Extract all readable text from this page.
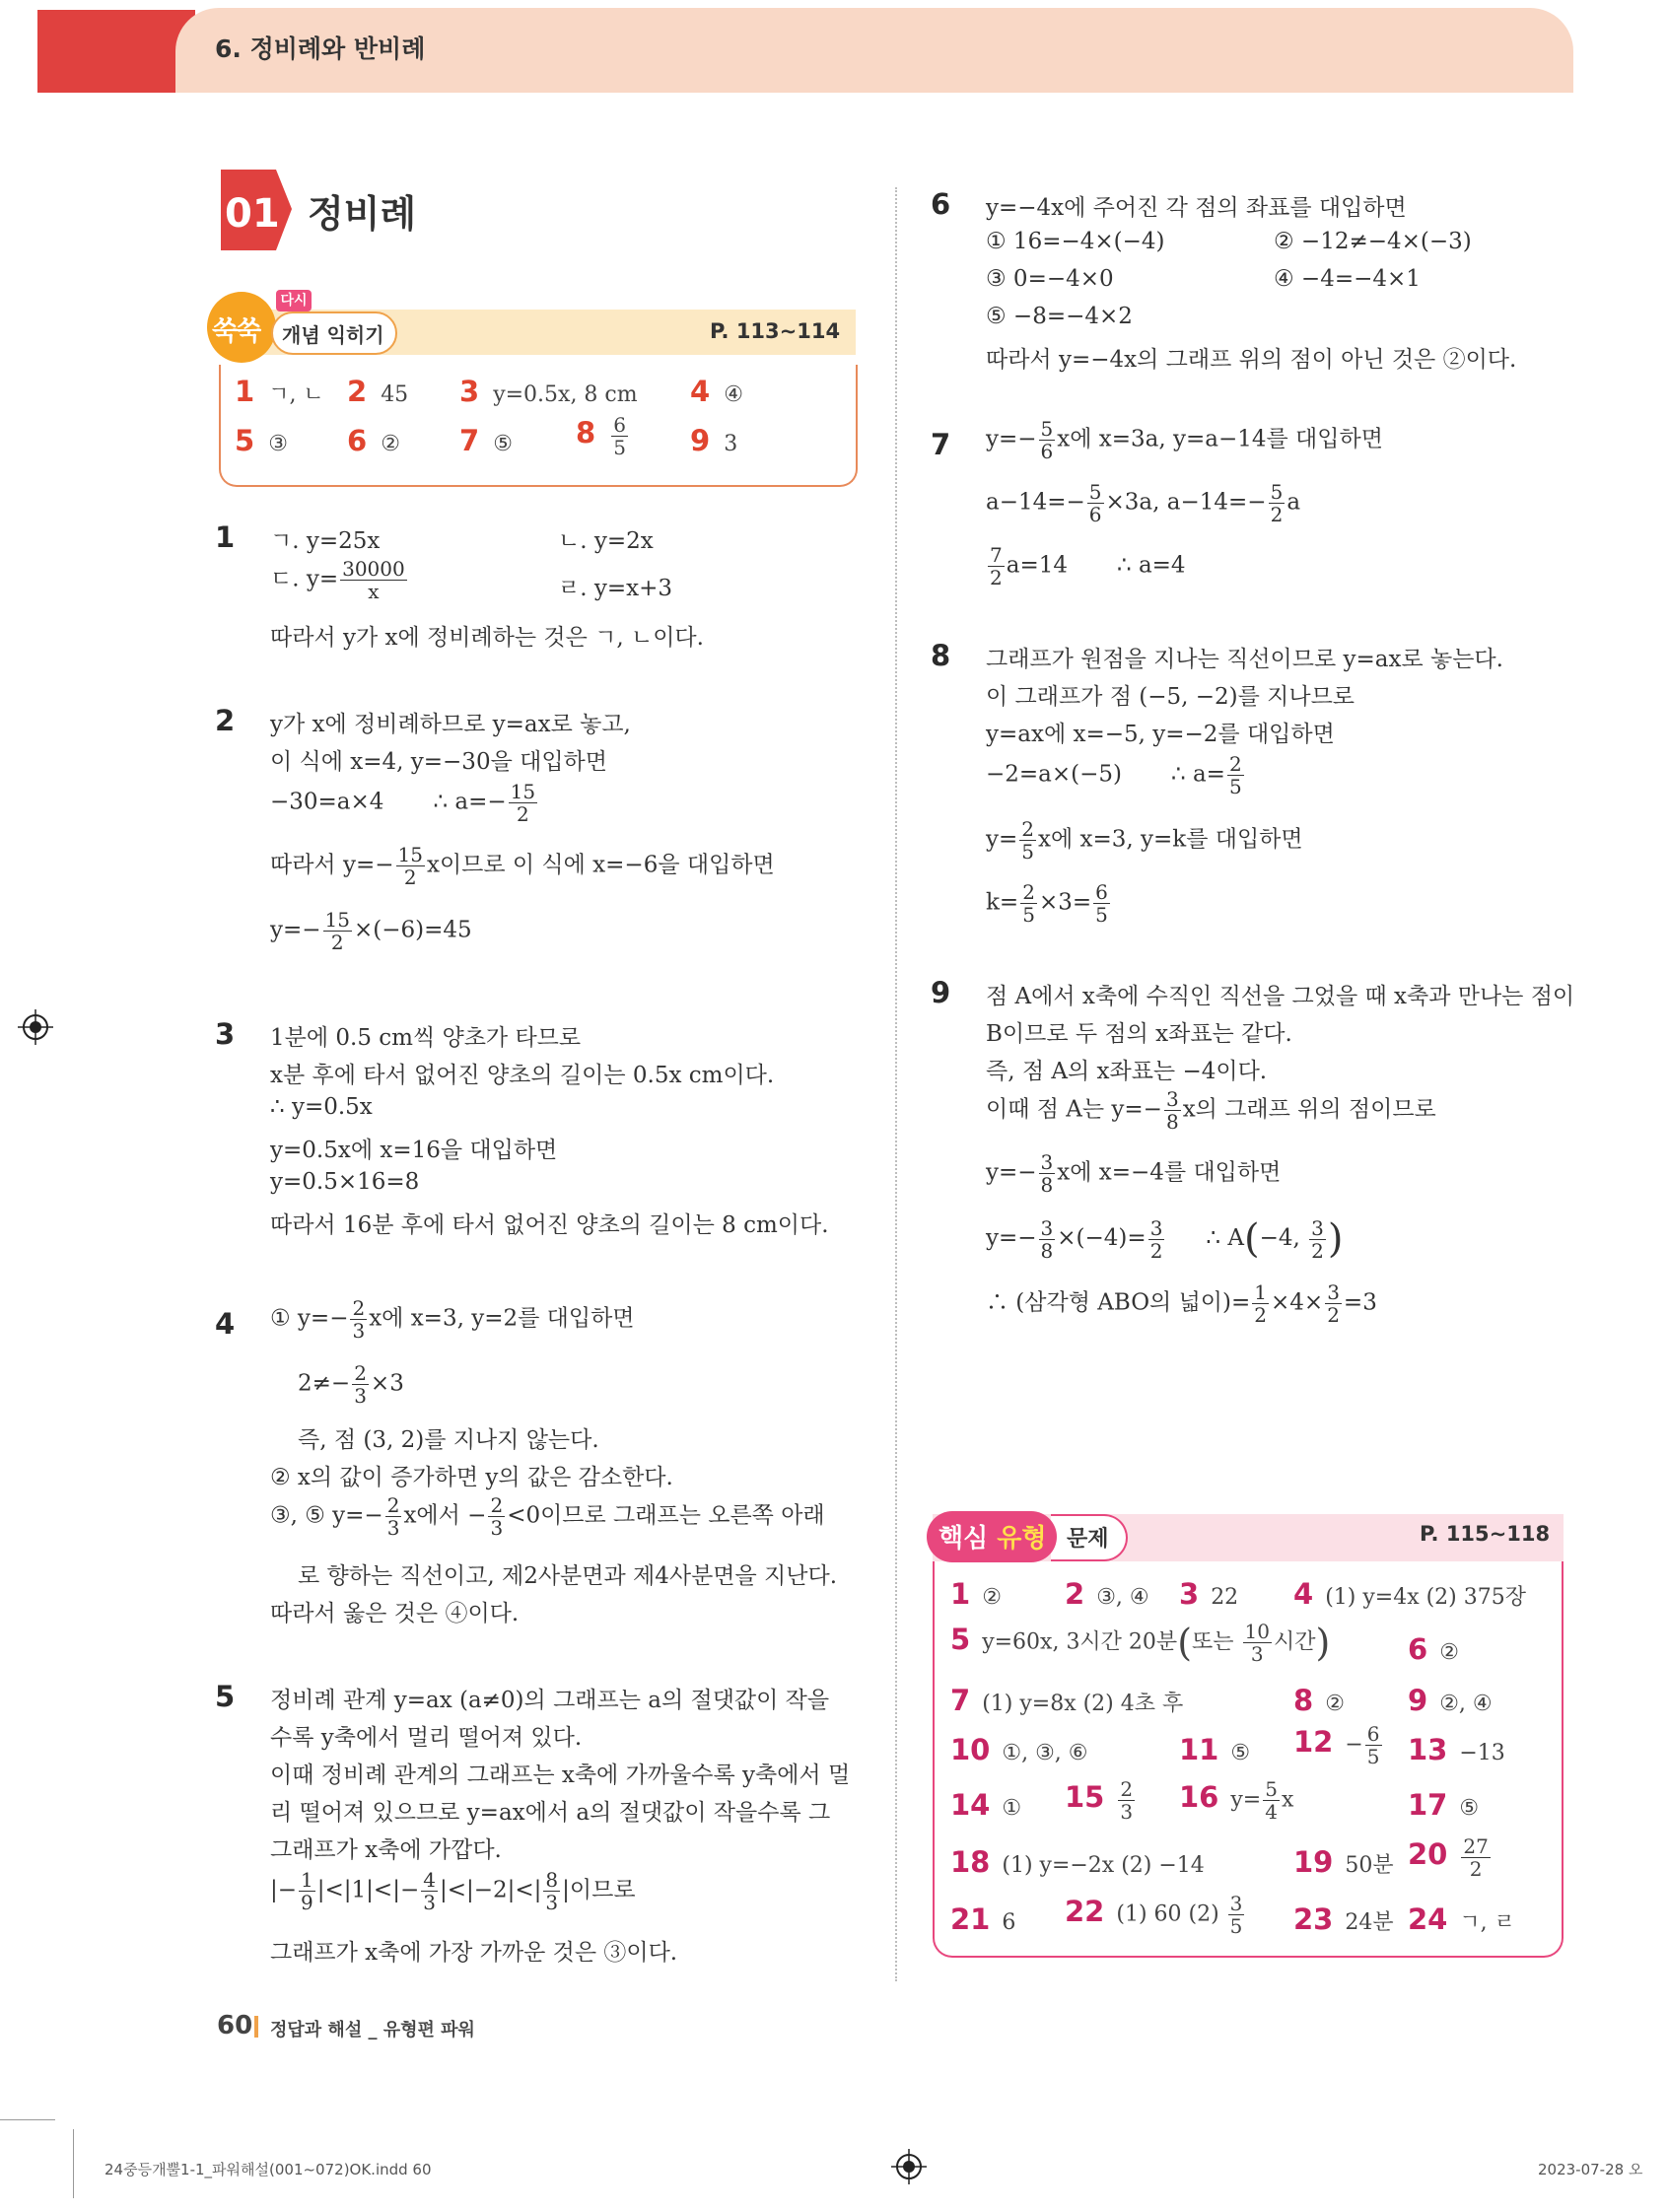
6. 정비례와 반비례
01 정비례
쑥쑥
다시
개념 익히기	P. 113∼114
1 ㄱ, ㄴ 2 45 3 y=0.5x, 8 cm 4 ④
5 ③ 6 ② 7 ⑤ $8 \frac{6}{5} 9$ 3
1 ㄱ. y=25x	ㄴ. y=2x
ㄷ. $y= \frac{30000}{x}$	ㄹ. y=x+3
따라서 y가 x에 정비례하는 것은 ㄱ, ㄴ이다.
2 y가 x에 정비례하므로 y=ax로 놓고,
이 식에 x=4, y=−30을 대입하면
−30=a×4 ∴ $a=- \frac{15}{2}$
따라서 $y=- \frac{15}{2}$ x이므로 이 식에 x=−6을 대입하면
$y=- \frac{15}{2} \times(-6)=45$
3 1분에 0.5 cm씩 양초가 타므로
x분 후에 타서 없어진 양초의 길이는 0.5x cm이다.
∴ y=0.5x
y=0.5x에 x=16을 대입하면
y=0.5×16=8
따라서 16분 후에 타서 없어진 양초의 길이는 8 cm이다.
4 ① $y=- \frac{2}{3}$ x에 x=3, y=2를 대입하면
$2\ne- \frac{2}{3} \times 3$
즉, 점 (3, 2)를 지나지 않는다.
② x의 값이 증가하면 y의 값은 감소한다.
③, ⑤ $y=- \frac{2}{3}$ x에서 − $\frac{2}{3} <0$이므로 그래프는 오른쪽 아래
로 향하는 직선이고, 제2사분면과 제4사분면을 지난다.
따라서 옳은 것은 ④이다.
5 정비례 관계 y=ax (a≠0)의 그래프는 a의 절댓값이 작을
수록 y축에서 멀리 떨어져 있다.
이때 정비례 관계의 그래프는 x축에 가까울수록 y축에서 멀
리 떨어져 있으므로 y=ax에서 a의 절댓값이 작을수록 그
그래프가 x축에 가깝다.
|− $\frac{1}{9} |<|1|<|- \frac{4}{3} |<|-2|<| \frac{8}{3}$ |이므로
그래프가 x축에 가장 가까운 것은 ③이다.
6 y=−4x에 주어진 각 점의 좌표를 대입하면
① 16=−4×(−4)	② −12≠−4×(−3)
③ 0=−4×0	④ −4=−4×1
⑤ −8=−4×2
따라서 y=−4x의 그래프 위의 점이 아닌 것은 ②이다.
7 $y=- \frac{5}{6}$ x에 x=3a, y=a−14를 대입하면
$a-14=- \frac{5}{6} \times 3a$, $a-14=- \frac{5}{2}$ a
$\frac{7}{2} a=14$ ∴ a=4
8 그래프가 원점을 지나는 직선이므로 y=ax로 놓는다.
이 그래프가 점 (−5, −2)를 지나므로
y=ax에 x=−5, y=−2를 대입하면
−2=a×(−5) ∴ $a= \frac{2}{5}$
$y= \frac{2}{5}$ x에 x=3, y=k를 대입하면
$k= \frac{2}{5} \times 3= \frac{6}{5}$
9 점 A에서 x축에 수직인 직선을 그었을 때 x축과 만나는 점이
B이므로 두 점의 x좌표는 같다.
즉, 점 A의 x좌표는 −4이다.
이때 점 A는 $y=- \frac{3}{8}$ x의 그래프 위의 점이므로
$y=- \frac{3}{8}$ x에 x=−4를 대입하면
$y=- \frac{3}{8} \times(-4)= \frac{3}{2}$ ∴ A(−4, $\frac{3}{2}$ )
∴ (삼각형 ABO의 넓이)= $\frac{1}{2} \times 4\times \frac{3}{2} =3$
핵심 유형 문제	P. 115∼118
1 ② 2 ③, ④ 3 22 4 (1) y=4x (2) 375장
5 y=60x, 3시간 20분(또는 $\frac{10}{3}$ 시간)	6 ②
7 (1) y=8x (2) 4초 후	8 ② 9 ②, ④
10 ①, ③, ⑥	11 ⑤ $12 - \frac{6}{5} 13 -13$
14 ① $15 \frac{2}{3} 16$ $y= \frac{5}{4}$ x	17 ⑤
18 (1) y=−2x (2) −14	19 50분 $20 \frac{27}{2}$
21 6 22 (1) 60 $(2) \frac{3}{5} 23$ 24분 24 ㄱ, ㄹ
60 정답과 해설 _ 유형편 파워
24중등개뿔1-1_파워해설(001~072)OK.indd 60	2023-07-28 오
